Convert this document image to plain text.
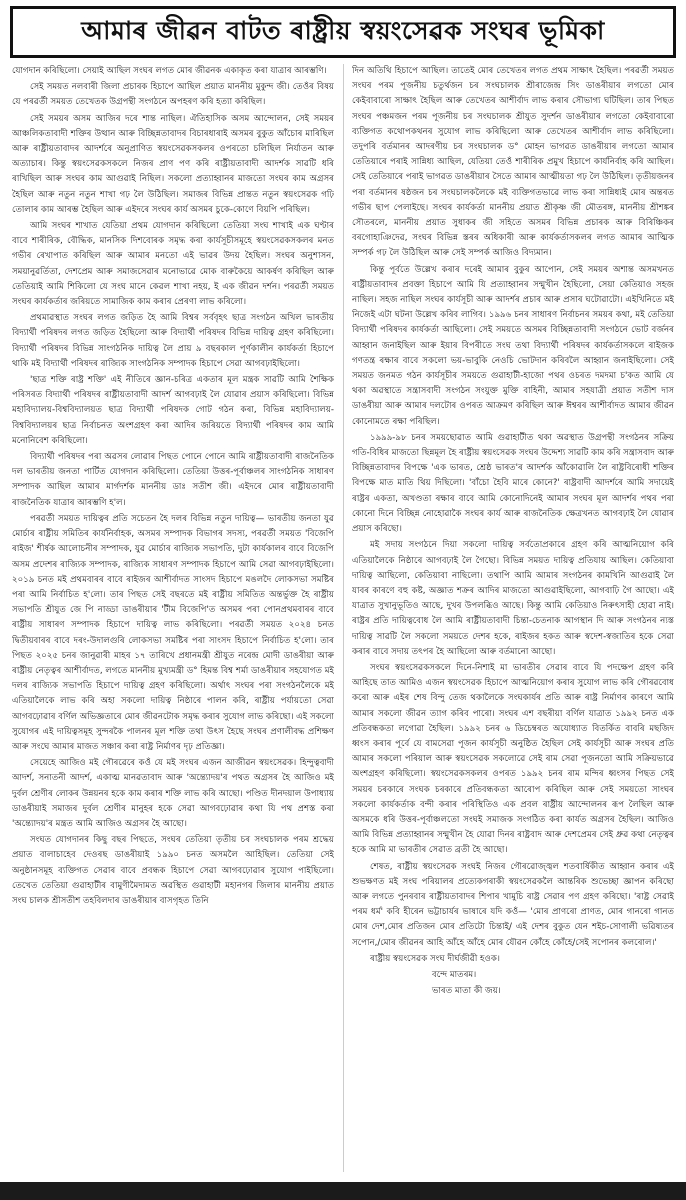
আমাৰ জীৱন বাটত ৰাষ্ট্ৰীয় স্বয়ংসেৱক সংঘৰ ভূমিকা

যোগদান কৰিছিলো। সেয়াই আছিল সংঘৰ লগত মোৰ জীৱনক একাকৃত কৰা যাত্ৰাৰ আৰম্ভণি।

সেই সময়ত নলবাৰী জিলা প্ৰচাৰক হিচাপে আছিল প্ৰয়াত মাননীয় মুকুন্দ জী। তেওঁৰ বিষয় যে পৰৱৰ্তী সময়ত তেখেতক উগ্ৰপন্থী সংগঠনে অপহৰণ কৰি হত্যা কৰিছিল।

সেই সময়ৰ অসম আজিৰ দৰে শান্ত নাছিল। ঐতিহাসিক অসম আন্দোলন, সেই সময়ৰ আঞ্চলিকতাবাদী শক্তিৰ উত্থান আৰু বিচ্ছিন্নতাবাদৰ বিচাৰধাৰাই অসমৰ বুকুত আঁচোৰ মাৰিছিল আৰু ৰাষ্ট্ৰীয়তাবাদৰ আদৰ্শৰে অনুপ্ৰাণিত স্বয়ংসেৱকসকলৰ ওপৰতো চলিছিল নিৰ্যাতন আৰু অত্যাচাৰ। কিন্তু স্বয়ংসেৱকসকলে নিজৰ প্ৰাণ পণ কৰি ৰাষ্ট্ৰীয়তাবাদী আদৰ্শক সাৱটি ধৰি ৰাখিছিল আৰু সংঘৰ কাম আগুৱাই নিছিল। সকলো প্ৰত্যাহ্বানৰ মাজতো সংঘৰ কাম অগ্ৰসৰ হৈছিল আৰু নতুন নতুন শাখা গঢ় লৈ উঠিছিল। সমাজৰ বিভিন্ন প্ৰান্তত নতুন স্বয়ংসেৱক গঢ়ি তোলাৰ কাম আৰম্ভ হৈছিল আৰু এইদৰে সংঘৰ কাৰ্য অসমৰ চুকে-কোণে বিয়পি পৰিছিল।

আমি সংঘৰ শাখাত যেতিয়া প্ৰথম যোগদান কৰিছিলো তেতিয়া সংঘ শাখাই এক ঘণ্টাৰ বাবে শাৰীৰিক, বৌদ্ধিক, মানসিক দিশবোৰক সমৃদ্ধ কৰা কাৰ্যসূচীসমূহে স্বয়ংসেৱকসকলৰ মনত গভীৰ ৰেখাপাত কৰিছিল আৰু আমাৰ মনতো এই ভাৱৰ উদয় হৈছিল। সংঘৰ অনুশাসন, সময়ানুৱৰ্তিতা, দেশপ্ৰেম আৰু সমাজসেৱাৰ মনোভাৱে মোক বাৰুকৈয়ে আকৰ্ষণ কৰিছিল আৰু তেতিয়াই আমি শিকিলো যে সংঘ মানে কেৱল শাখা নহয়, ই এক জীৱন দৰ্শন। পৰৱৰ্তী সময়ত সংঘৰ কাৰ্যকৰ্তাৰ জৰিয়তে সামাজিক কাম কৰাৰ প্ৰেৰণা লাভ কৰিলো।

প্ৰথমাৱস্থাত সংঘৰ লগত জড়িত হৈ আমি বিশ্বৰ সৰ্ববৃহৎ ছাত্ৰ সংগঠন অখিল ভাৰতীয় বিদ্যাৰ্থী পৰিষদৰ লগত জড়িত হৈছিলো আৰু বিদ্যাৰ্থী পৰিষদৰ বিভিন্ন দায়িত্ব গ্ৰহণ কৰিছিলো। বিদ্যাৰ্থী পৰিষদৰ বিভিন্ন সাংগঠনিক দায়িত্ব লৈ প্ৰায় ৯ বছৰকাল পূৰ্ণকালীন কাৰ্যকৰ্তা হিচাপে থাকি মই বিদ্যাৰ্থী পৰিষদৰ ৰাজ্যিক সাংগঠনিক সম্পাদক হিচাপে সেৱা আগবঢ়াইছিলো।

'ছাত্ৰ শক্তি ৰাষ্ট্ৰ শক্তি' এই নীতিৰে জ্ঞান-চৰিত্ৰ একতাৰ মূল মন্ত্ৰক সাৱটি আমি শৈক্ষিক পৰিসৰত বিদ্যাৰ্থী পৰিষদৰ ৰাষ্ট্ৰীয়তাবাদী আদৰ্শ আগবঢ়াই লৈ যোৱাৰ প্ৰয়াস কৰিছিলো। বিভিন্ন মহাবিদ্যালয়-বিশ্ববিদ্যালয়ত ছাত্ৰ বিদ্যাৰ্থী পৰিষদক গোট গঠন কৰা, বিভিন্ন মহাবিদ্যালয়-বিশ্ববিদ্যালয়ৰ ছাত্ৰ নিৰ্বাচনত অংশগ্ৰহণ কৰা আদিৰ জৰিয়তে বিদ্যাৰ্থী পৰিষদৰ কাম আমি মনোনিবেশ কৰিছিলো।

বিদ্যাৰ্থী পৰিষদৰ পৰা অৱসৰ লোৱাৰ পিছত পোনে পোনে আমি ৰাষ্ট্ৰীয়তাবাদী ৰাজনৈতিক দল ভাৰতীয় জনতা পাৰ্টিত যোগদান কৰিছিলো। তেতিয়া উত্তৰ-পূৰ্বাঞ্চলৰ সাংগঠনিক সাধাৰণ সম্পাদক আছিল আমাৰ মাৰ্গদৰ্শক মাননীয় ডাঃ সতীশ জী। এইদৰে মোৰ ৰাষ্ট্ৰীয়তাবাদী ৰাজনৈতিক যাত্ৰাৰ আৰম্ভণি হ'ল।

পৰৱৰ্তী সময়ত দায়িত্বৰ প্ৰতি সচেতন হৈ দলৰ বিভিন্ন নতুন দায়িত্ব— ভাৰতীয় জনতা যুৱ মোৰ্চাৰ ৰাষ্ট্ৰীয় সমিতিৰ কাৰ্যনিৰ্বাহক, অসমৰ সম্পাদক বিভাগৰ সদস্য, পৰৱৰ্তী সময়ত 'বিজেপি ৰাইজ' শীৰ্ষক আলোচনীৰ সম্পাদক, যুৱ মোৰ্চাৰ ৰাজ্যিক সভাপতি, দুটা কাৰ্যকালৰ বাবে বিজেপি অসম প্ৰদেশৰ ৰাজ্যিক সম্পাদক, ৰাজ্যিক সাধাৰণ সম্পাদক হিচাপে আমি সেৱা আগবঢ়াইছিলো। ২০১৯ চনত মই প্ৰথমবাৰৰ বাবে ৰাইজৰ আশীৰ্বাদত সাংসদ হিচাপে মঙলদৈ লোকসভা সমষ্টিৰ পৰা আমি নিৰ্বাচিত হ'লো। তাৰ পিছত সেই বছৰতে মই ৰাষ্ট্ৰীয় সমিতিত অন্তৰ্ভুক্ত হৈ ৰাষ্ট্ৰীয় সভাপতি শ্ৰীযুত জে পি নাড্ডা ডাঙৰীয়াৰ 'টীম বিজেপি'ত অসমৰ পৰা পোনপ্ৰথমবাৰৰ বাবে ৰাষ্ট্ৰীয় সাধাৰণ সম্পাদক হিচাপে দায়িত্ব লাভ কৰিছিলো। পৰৱৰ্তী সময়ত ২০২৪ চনত দ্বিতীয়বাৰৰ বাবে দৰং-উদালগুৰি লোকসভা সমষ্টিৰ পৰা সাংসদ হিচাপে নিৰ্বাচিত হ'লো। তাৰ পিছত ২০২৫ চনৰ জানুৱাৰী মাহৰ ১৭ তাৰিখে প্ৰধানমন্ত্ৰী শ্ৰীযুত নৰেন্দ্ৰ মোদী ডাঙৰীয়া আৰু ৰাষ্ট্ৰীয় নেতৃত্বৰ আশীৰ্বাদত, লগতে মাননীয় মুখ্যমন্ত্ৰী ড° হিমন্ত বিশ্ব শৰ্মা ডাঙৰীয়াৰ সহযোগত মই দলৰ ৰাজ্যিক সভাপতি হিচাপে দায়িত্ব গ্ৰহণ কৰিছিলো। অৰ্থাৎ সংঘৰ পৰা সংগঠনলৈকে মই এতিয়ালৈকে লাভ কৰি অহা সকলো দায়িত্ব নিষ্ঠাৰে পালন কৰি, ৰাষ্ট্ৰীয় পৰ্যায়তো সেৱা আগবঢ়োৱাৰ বৰ্ণিল অভিজ্ঞতাৰে মোৰ জীৱনটোক সমৃদ্ধ কৰাৰ সুযোগ লাভ কৰিছো। এই সকলো সুযোগৰ এই দায়িত্বসমূহ সুন্দৰকৈ পালনৰ মূল শক্তি তথা উৎস হৈছে সংঘৰ প্ৰণালীবদ্ধ প্ৰশিক্ষণ আৰু সংঘে আমাৰ মাজত সঞ্চাৰ কৰা ৰাষ্ট্ৰ নিৰ্মাণৰ দৃঢ় প্ৰতিজ্ঞা।

সেয়েহে আজিও মই গৌৰৱেৰে কওঁ যে মই সংঘৰ এজন আজীৱন স্বয়ংসেৱক। হিন্দুত্ববাদী আদৰ্শ, সনাতনী আদৰ্শ, একাত্ম মানৱতাবাদ আৰু 'অন্ত্যোদয়'ৰ পথত অগ্ৰসৰ হৈ আজিও মই দুৰ্বল শ্ৰেণীৰ লোকৰ উন্নয়নৰ হকে কাম কৰাৰ শক্তি লাভ কৰি আছো। পণ্ডিত দীনদয়াল উপাধ্যায় ডাঙৰীয়াই সমাজৰ দুৰ্বল শ্ৰেণীৰ মানুহৰ হকে সেৱা আগবঢ়োৱাৰ কথা যি পথ প্ৰশস্ত কৰা 'অন্ত্যোদয়'ৰ মন্ত্ৰত আমি আজিও অগ্ৰসৰ হৈ আছো।

সংঘত যোগদানৰ কিছু বছৰ পিছতে, সংঘৰ তেতিয়া তৃতীয় চৰ সংঘচালক পৰম শ্ৰদ্ধেয় প্ৰয়াত বালাচাহেব দেওৰছ ডাঙৰীয়াই ১৯৯০ চনত অসমলৈ আহিছিল। তেতিয়া সেই অনুষ্ঠানসমূহ ব্যক্তিগত সেৱাৰ বাবে প্ৰবন্ধক হিচাপে সেৱা আগবঢ়োৱাৰ সুযোগ পাইছিলো। তেখেত তেতিয়া গুৱাহাটীৰ বামুণীমৈদামত অৱস্থিত গুৱাহাটী মহানগৰ জিলাৰ মাননীয় প্ৰয়াত সংঘ চালক শ্ৰীসতীশ তহবিলদাৰ ডাঙৰীয়াৰ বাসগৃহত তিনি

দিন অতিথি হিচাপে আছিল। তাতেই মোৰ তেখেতৰ লগত প্ৰথম সাক্ষাৎ হৈছিল। পৰৱৰ্তী সময়ত সংঘৰ পৰম পূজনীয় চতুৰ্থজন চৰ সংঘচালক শ্ৰীৰাজেন্দ্ৰ সিং ডাঙৰীয়াৰ লগতো মোৰ কেইবাবাৰো সাক্ষাৎ হৈছিল আৰু তেখেতৰ আশীৰ্বাদ লাভ কৰাৰ সৌভাগ্য ঘটিছিল। তাৰ পিছত সংঘৰ পঞ্চমজন পৰম পূজনীয় চৰ সংঘচালক শ্ৰীযুত সুদৰ্শন ডাঙৰীয়াৰ লগতো কেইবাবাৰো ব্যক্তিগত কথোপকথনৰ সুযোগ লাভ কৰিছিলো আৰু তেখেতৰ আশীৰ্বাদ লাভ কৰিছিলো। তদুপৰি বৰ্তমানৰ আদৰণীয় চৰ সংঘচালক ড° মোহন ভাগৱত ডাঙৰীয়াৰ লগতো আমাৰ তেতিয়াৰে পৰাই সান্নিধ্য আছিল, যেতিয়া তেওঁ শাৰীৰিক প্ৰমুখ হিচাপে কাৰ্যনিৰ্বাহ কৰি আছিল। সেই তেতিয়াৰে পৰাই ভাগৱত ডাঙৰীয়াৰ সৈতে আমাৰ আত্মীয়তা গঢ় লৈ উঠিছিল। তৃতীয়জনৰ পৰা বৰ্তমানৰ ষষ্ঠজন চৰ সংঘচালকলৈকে মই ব্যক্তিগতভাৱে লাভ কৰা সান্নিধ্যই মোৰ অন্তৰত গভীৰ ছাপ পেলাইছে। সংঘৰ কাৰ্যকৰ্তা মাননীয় প্ৰয়াত শ্ৰীকৃষ্ণ জী মৌতৰঙ্গ, মাননীয় শ্ৰীশঙ্কৰ সৌতৰলে, মাননীয় প্ৰয়াত সুধাকৰ জী সহিতে অসমৰ বিভিন্ন প্ৰচাৰক আৰু বিৰিঞ্চিকৰ বৰগোহাঞিদেৱ, সংঘৰ বিভিন্ন স্তৰৰ অধিকাৰী আৰু কাৰ্যকৰ্তাসকলৰ লগত আমাৰ আত্মিক সম্পৰ্ক গঢ় লৈ উঠিছিল আৰু সেই সম্পৰ্ক আজিও বিদ্যমান।

কিন্তু পূৰ্বতে উল্লেখ কৰাৰ দৰেই আমাৰ বুকুৰ আপোন, সেই সময়ৰ অশান্ত অসমখনত ৰাষ্ট্ৰীয়তাবাদৰ প্ৰবক্তা হিচাপে আমি যি প্ৰত্যাহ্বানৰ সন্মুখীন হৈছিলো, সেয়া কেতিয়াও সহজ নাছিল। সহজ নাছিল সংঘৰ কাৰ্যসূচী আৰু আদৰ্শৰ প্ৰচাৰ আৰু প্ৰসাৰ ঘটোৱাটো। এইখিনিতে মই নিজেই এটা ঘটনা উল্লেখ কৰিব লাগিব। ১৯৯৬ চনৰ সাধাৰণ নিৰ্বাচনৰ সময়ৰ কথা, মই তেতিয়া বিদ্যাৰ্থী পৰিষদৰ কাৰ্যকৰ্তা আছিলো। সেই সময়তে অসমৰ বিচ্ছিন্নতাবাদী সংগঠনে ভোট বৰ্জনৰ আহ্বান জনাইছিল আৰু ইয়াৰ বিপৰীতে সংঘ তথা বিদ্যাৰ্থী পৰিষদৰ কাৰ্যকৰ্তাসকলে ৰাইজক গণতন্ত্ৰ ৰক্ষাৰ বাবে সকলো ভয়-ভাবুকি নেওচি ভোটদান কৰিবলৈ আহ্বান জনাইছিলো। সেই সময়ত জনমত গঠন কাৰ্যসূচীৰ সময়তে গুৱাহাটী-হাজো পথৰ ওচৰত দমদমা চ'কত আমি যে থকা অৱস্থাতে সন্ত্ৰাসবাদী সংগঠন সংযুক্ত মুক্তি বাহিনী, আমাৰ সহযাত্ৰী প্ৰয়াত সতীশ দাস ডাঙৰীয়া আৰু আমাৰ দলটোৰ ওপৰত আক্ৰমণ কৰিছিল আৰু ঈশ্বৰৰ আশীৰ্বাদত আমাৰ জীৱন কোনোমতে ৰক্ষা পৰিছিল।

১৯৯৯-৯৮ চনৰ সময়ছোৱাত আমি গুৱাহাটীত থকা অৱস্থাত উগ্ৰপন্থী সংগঠনৰ সক্ৰিয় গতি-বিধিৰ মাজতো ছিন্নমূল হৈ ৰাষ্ট্ৰীয় স্বয়ংসেৱক সংঘৰ উদ্দেশ্য সাৱটি কাম কৰি সন্ত্ৰাসবাদ আৰু বিচ্ছিন্নতাবাদৰ বিপক্ষে 'এক ভাৰত, শ্ৰেষ্ঠ ভাৰত'ৰ আদৰ্শক আঁকোৱালি লৈ ৰাষ্ট্ৰবিৰোধী শক্তিৰ বিপক্ষে মাত মাতি থিয় দিছিলো। 'বাঁচো হৈবি মাৰে কোনে?' ৰাষ্ট্ৰবাদী আদৰ্শৰে আমি সদায়েই ৰাষ্ট্ৰৰ একতা, অখণ্ডতা ৰক্ষাৰ বাবে আমি কোনোদিনেই আমাৰ সংঘৰ মূল আদৰ্শৰ পথৰ পৰা কোনো দিনে বিচ্ছিন্ন নোহোৱাকৈ সংঘৰ কাৰ্য আৰু ৰাজনৈতিক ক্ষেত্ৰখনত আগবঢ়াই লৈ যোৱাৰ প্ৰয়াস কৰিছো।

মই সদায় সংগঠনে দিয়া সকলো দায়িত্ব সৰ্বতোপ্ৰকাৰে গ্ৰহণ কৰি আত্মনিয়োগ কৰি এতিয়ালৈকে নিষ্ঠাৰে আগবঢ়াই লৈ গৈছো। বিভিন্ন সময়ত দায়িত্ব প্ৰতিযায় আছিল। কেতিয়াবা দায়িত্ব আছিলো, কেতিয়াবা নাছিলো। তথাপি আমি আমাৰ সংগঠনৰ কামখিনি আগুৱাই লৈ যাবৰ কাৰণে বহু কষ্ট, অজ্ঞাত শক্ৰৰ আদিৰ মাজতো আগুৱাইছিলো, আগবাঢ়ি গৈ আছো। এই যাত্ৰাত সুখানুভূতিও আছে, দুখৰ উপলব্ধিও আছে। কিন্তু আমি কেতিয়াও নিৰুৎসাহী হোৱা নাই। ৰাষ্ট্ৰৰ প্ৰতি দায়িত্ববোধ লৈ আমি ৰাষ্ট্ৰীয়তাবাদী চিন্তা-চেতনাক আগস্থান দি আৰু সংগঠনৰ ন্যস্ত দায়িত্ব সাৱটি লৈ সকলো সময়তে দেশৰ হকে, ৰাইজৰ হকত আৰু স্বদেশ-স্বজাতিৰ হকে সেৱা কৰাৰ বাবে সদায় তৎপৰ হৈ আছিলো আৰু বৰ্তমানো আছো।

সংঘৰ স্বয়ংসেৱকসকলে দিনে-নিশাই মা ভাৰতীৰ সেৱাৰ বাবে যি পদক্ষেপ গ্ৰহণ কৰি আহিছে তাত আমিও এজন স্বয়ংসেৱক হিচাপে আত্মনিয়োগ কৰাৰ সুযোগ লাভ কৰি গৌৰৱবোধ কৰো আৰু এইৰ শেষ বিন্দু তেজ থকালৈকে সংঘকাৰ্যৰ প্ৰতি আৰু ৰাষ্ট্ৰ নিৰ্মাণৰ কাৰণে আমি আমাৰ সকলো জীৱন ত্যাগ কৰিব পাৰো। সংঘৰ এশ বছৰীয়া বৰ্ণিল যাত্ৰাত ১৯৯২ চনত এক প্ৰতিবন্ধকতা লগোৱা হৈছিল। ১৯৯২ চনৰ ৬ ডিচেম্বৰত অযোধ্যাত বিতৰ্কিত বাবৰি মছজিদ ধ্বংস কৰাৰ পূৰ্বে যে বামসেৱা পূজন কাৰ্যসূচী অনুষ্ঠিত হৈছিল সেই কাৰ্যসূচী আৰু সংঘৰ প্ৰতি আমাৰ সকলো পৰিয়াল আৰু স্বয়ংসেৱক সকলোৱে সেই ৰাম সেৱা পূজনতো আমি সক্ৰিয়ভাৱে অংশগ্ৰহণ কৰিছিলো। স্বয়ংসেৱকসকলৰ ওপৰত ১৯৯২ চনৰ ৰাম মন্দিৰ ধ্বংসৰ পিছত সেই সময়ৰ চৰকাৰে সংঘক চৰকাৰে প্ৰতিবন্ধকতা আৰোপ কৰিছিল আৰু সেই সময়তো সাংঘৰ সকলো কাৰ্যকৰ্তাক বন্দী কৰাৰ পৰিস্থিতিও এক প্ৰবল ৰাষ্ট্ৰীয় আন্দোলনৰ ৰূপ লৈছিল আৰু অসমকে ধৰি উত্তৰ-পূৰ্বাঞ্চলতো সংঘই সমাজক সংগঠিত কৰা কাৰ্যত অগ্ৰসৰ হৈছিল। আজিও আমি বিভিন্ন প্ৰত্যাহ্বানৰ সন্মুখীন হৈ যোৱা দিনৰ ৰাষ্ট্ৰবাদ আৰু দেশপ্ৰেমৰ সেই ধ্ৰুৱ কথা নেতৃত্বৰ হকে আমি মা ভাৰতীৰ সেৱাত ব্ৰতী হৈ আছো।

শেষত, ৰাষ্ট্ৰীয় স্বয়ংসেৱক সংঘই নিজৰ গৌৰৱোজ্জ্বল শতবাৰ্ষিকীত আহ্বান কৰাৰ এই শুভক্ষণত মই সংঘ পৰিয়ালৰ প্ৰত্যেকগৰাকী স্বয়ংসেৱকলৈ আন্তৰিক শুভেচ্ছা জ্ঞাপন কৰিছো আৰু লগতে পুনৰবাৰ ৰাষ্ট্ৰীয়তাবাদৰ শিপাৰ খামুচি ৰাষ্ট্ৰ সেৱাৰ পণ গ্ৰহণ কৰিছো। 'ৰাষ্ট্ৰ সেৱাই পৰম ধৰ্ম' কবি হীৰেন ভট্টাচাৰ্যৰ ভাষাৰে যদি কওঁ— 'মোৰ প্ৰাণৰো প্ৰাণত, মোৰ গানৰো গানত মোৰ দেশ,মোৰ প্ৰতিজন মোৰ প্ৰতিটো চিন্তাই/ এই দেশৰ বুকুত যেন শইচ-সোণালী ভৱিষ্যতৰ সপোন,/মোৰ জীৱনৰ আহি আঁহে আঁহে মোৰ যৌৱন কোঁহে কোঁহে/সেই সপোনৰ কলৰোল।'

ৰাষ্ট্ৰীয় স্বয়ংসেৱক সংঘ দীৰ্ঘজীৱী হওক।

বন্দে মাতৰম।

ভাৰত মাতা কী জয়।
